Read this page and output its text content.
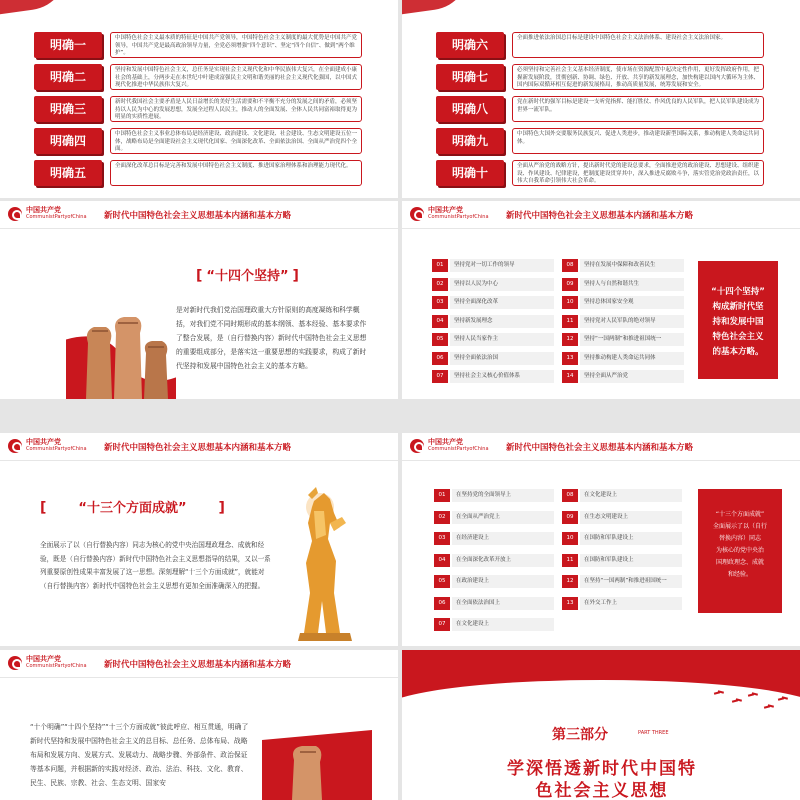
明确一	中国特色社会主义最本质的特征是中国共产党领导，中国特色社会主义制度的最大优势是中国共产党领导，中国共产党是最高政治领导力量，全党必须增强“四个意识”、坚定“四个自信”、做到“两个维护”。
明确二	坚持和发展中国特色社会主义，总任务是实现社会主义现代化和中华民族伟大复兴，在全面建成小康社会的基础上，分两步走在本世纪中叶建成富强民主文明和谐美丽的社会主义现代化强国，以中国式现代化推进中华民族伟大复兴。
明确三	新时代我国社会主要矛盾是人民日益增长的美好生活需要和不平衡不充分的发展之间的矛盾，必须坚持以人民为中心的发展思想，发展全过程人民民主，推动人的全面发展、全体人民共同富裕取得更为明显的实质性进展。
明确四	中国特色社会主义事业总体布局是经济建设、政治建设、文化建设、社会建设、生态文明建设五位一体，战略布局是全面建设社会主义现代化国家、全面深化改革、全面依法治国、全面从严治党四个全面。
明确五	全面深化改革总目标是完善和发展中国特色社会主义制度、推进国家治理体系和治理能力现代化。
明确六	全面推进依法治国总目标是建设中国特色社会主义法治体系、建设社会主义法治国家。
明确七	必须坚持和完善社会主义基本经济制度，使市场在资源配置中起决定性作用，更好发挥政府作用，把握新发展阶段，贯彻创新、协调、绿色、开放、共享的新发展理念，加快构建以国内大循环为主体、国内国际双循环相互促进的新发展格局，推动高质量发展，统筹发展和安全。
明确八	党在新时代的强军目标是建设一支听党指挥、能打胜仗、作风优良的人民军队，把人民军队建设成为世界一流军队。
明确九	中国特色大国外交要服务民族复兴、促进人类进步，推动建设新型国际关系，推动构建人类命运共同体。
明确十	全面从严治党的战略方针，提出新时代党的建设总要求，全面推进党的政治建设、思想建设、组织建设、作风建设、纪律建设，把制度建设贯穿其中，深入推进反腐败斗争，落实管党治党政治责任，以伟大自我革命引领伟大社会革命。
中国共产党
CommunistPartyofChina 新时代中国特色社会主义思想基本内涵和基本方略
[ “十四个坚持” ]
是对新时代我们党治国理政重大方针原则的高度凝练和科学概括，对我们党不同时期形成的基本纲领、基本经验、基本要求作了整合发展，是（自行替换内容）新时代中国特色社会主义思想的重要组成部分，是落实这一重要思想的实践要求，构成了新时代坚持和发展中国特色社会主义的基本方略。
中国共产党
CommunistPartyofChina 新时代中国特色社会主义思想基本内涵和基本方略
01	坚持党对一切工作的领导
02	坚持以人民为中心
03	坚持全面深化改革
04	坚持新发展理念
05	坚持人民当家作主
06	坚持全面依法治国
07	坚持社会主义核心价值体系
08	坚持在发展中保障和改善民生
09	坚持人与自然和谐共生
10	坚持总体国家安全观
11	坚持党对人民军队的绝对领导
12	坚持“一国两制”和推进祖国统一
13	坚持推动构建人类命运共同体
14	坚持全面从严治党
“十四个坚持”
构成新时代坚
持和发展中国
特色社会主义
的基本方略。
中国共产党
CommunistPartyofChina 新时代中国特色社会主义思想基本内涵和基本方略
[ “十三个方面成就” ]
全面展示了以（自行替换内容）同志为核心的党中央治国理政理念、成就和经验，既是（自行替换内容）新时代中国特色社会主义思想指导的结果，又以一系列重要原创性成果丰富发展了这一思想。深刻理解“十三个方面成就”，就能对（自行替换内容）新时代中国特色社会主义思想有更加全面准确深入的把握。
中国共产党
CommunistPartyofChina 新时代中国特色社会主义思想基本内涵和基本方略
01	在坚持党的全面领导上
02	在全面从严治党上
03	在经济建设上
04	在全面深化改革开放上
05	在政治建设上
06	在全面依法治国上
07	在文化建设上
08	在文化建设上
09	在生态文明建设上
10	在国防和军队建设上
11	在国防和军队建设上
12	在坚持“一国两制”和推进祖国统一
13	在外交工作上
“十三个方面成就”
全面展示了以（自行
替换内容）同志
为核心的党中央治
国理政理念、成就
和经验。
中国共产党
CommunistPartyofChina 新时代中国特色社会主义思想基本内涵和基本方略
“十个明确”“十四个坚持”“十三个方面成就”彼此呼应、相互贯通，明确了新时代坚持和发展中国特色社会主义的总目标、总任务、总体布局、战略布局和发展方向、发展方式、发展动力、战略步骤、外部条件、政治保证等基本问题，并根据新的实践对经济、政治、法治、科技、文化、教育、民生、民族、宗教、社会、生态文明、国家安
第三部分	PART THREE
学深悟透新时代中国特
色社会主义思想
